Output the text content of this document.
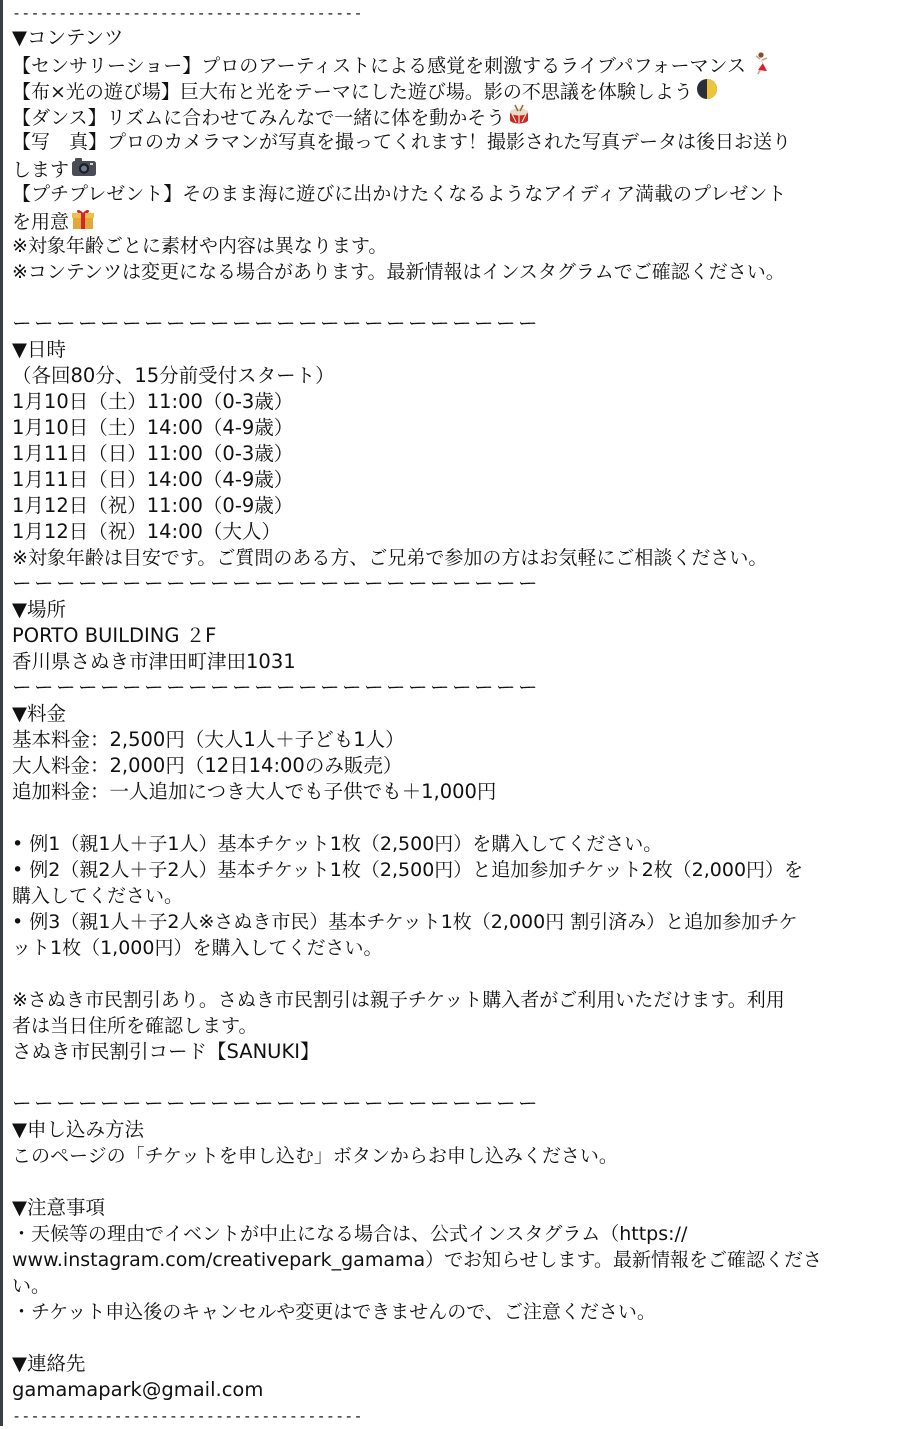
--------------------------------------
▼コンテンツ
【センサリーショー】プロのアーティストによる感覚を刺激するライブパフォーマンス
【布×光の遊び場】巨大布と光をテーマにした遊び場。影の不思議を体験しよう
【ダンス】リズムに合わせてみんなで一緒に体を動かそう
【写　真】プロのカメラマンが写真を撮ってくれます！撮影された写真データは後日お送り
します
【プチプレゼント】そのまま海に遊びに出かけたくなるようなアイディア満載のプレゼント
を用意
※対象年齢ごとに素材や内容は異なります。
※コンテンツは変更になる場合があります。最新情報はインスタグラムでご確認ください。
ーーーーーーーーーーーーーーーーーーーーーーーー
▼日時
（各回80分、15分前受付スタート）
1月10日（土）11:00（0-3歳）
1月10日（土）14:00（4-9歳）
1月11日（日）11:00（0-3歳）
1月11日（日）14:00（4-9歳）
1月12日（祝）11:00（0-9歳）
1月12日（祝）14:00（大人）
※対象年齢は目安です。ご質問のある方、ご兄弟で参加の方はお気軽にご相談ください。
ーーーーーーーーーーーーーーーーーーーーーーーー
▼場所
PORTO BUILDING ２F
香川県さぬき市津田町津田1031
ーーーーーーーーーーーーーーーーーーーーーーーー
▼料金
基本料金：2,500円（大人1人＋子ども1人）
大人料金：2,000円（12日14:00のみ販売）
追加料金：一人追加につき大人でも子供でも＋1,000円
• 例1（親1人＋子1人）基本チケット1枚（2,500円）を購入してください。
• 例2（親2人＋子2人）基本チケット1枚（2,500円）と追加参加チケット2枚（2,000円）を
購入してください。
• 例3（親1人＋子2人※さぬき市民）基本チケット1枚（2,000円 割引済み）と追加参加チケ
ット1枚（1,000円）を購入してください。
※さぬき市民割引あり。さぬき市民割引は親子チケット購入者がご利用いただけます。利用
者は当日住所を確認します。
さぬき市民割引コード【SANUKI】
ーーーーーーーーーーーーーーーーーーーーーーーー
▼申し込み方法
このページの「チケットを申し込む」ボタンからお申し込みください。
▼注意事項
・天候等の理由でイベントが中止になる場合は、公式インスタグラム（https://
www.instagram.com/creativepark_gamama）でお知らせします。最新情報をご確認くださ
い。
・チケット申込後のキャンセルや変更はできませんので、ご注意ください。
▼連絡先
gamamapark@gmail.com
--------------------------------------
